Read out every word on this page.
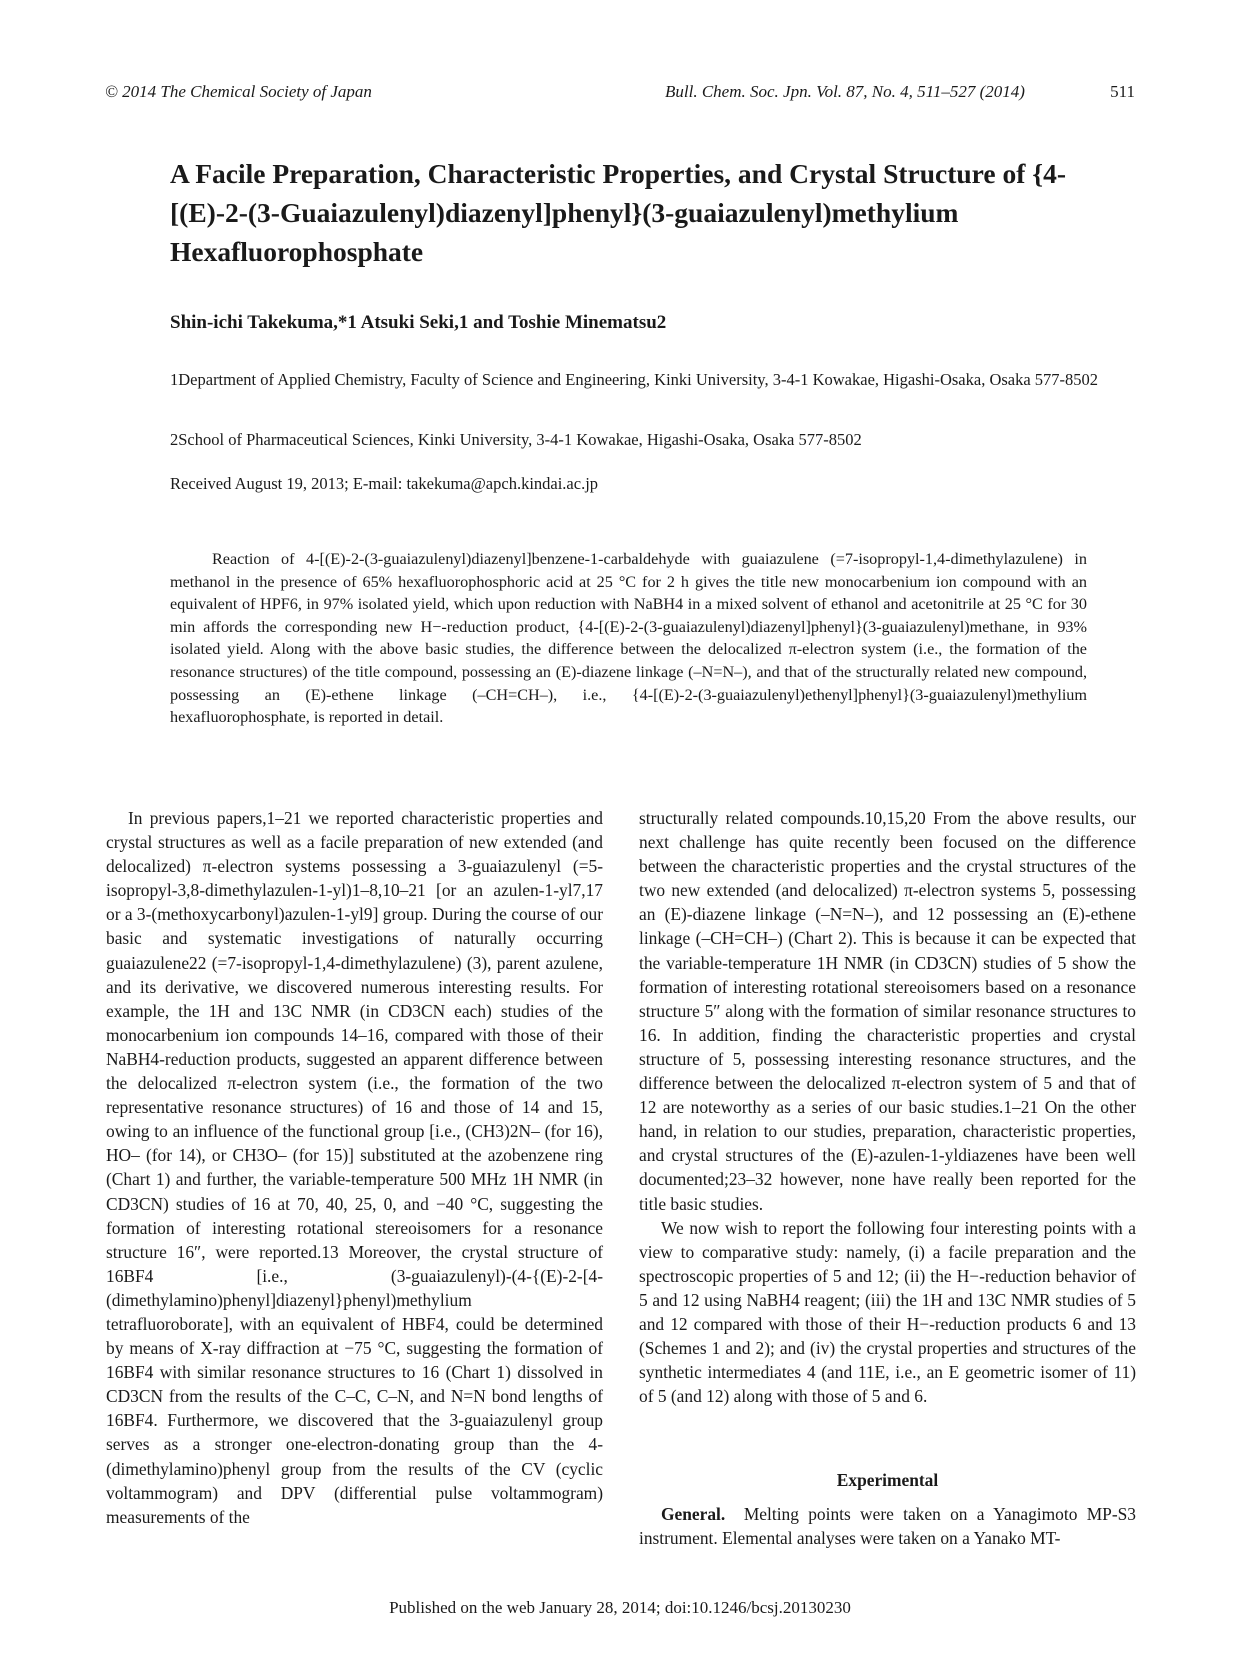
© 2014 The Chemical Society of Japan	Bull. Chem. Soc. Jpn. Vol. 87, No. 4, 511–527 (2014)	511
A Facile Preparation, Characteristic Properties, and Crystal Structure of {4-[(E)-2-(3-Guaiazulenyl)diazenyl]phenyl}(3-guaiazulenyl)methylium Hexafluorophosphate
Shin-ichi Takekuma,*1 Atsuki Seki,1 and Toshie Minematsu2
1Department of Applied Chemistry, Faculty of Science and Engineering, Kinki University, 3-4-1 Kowakae, Higashi-Osaka, Osaka 577-8502
2School of Pharmaceutical Sciences, Kinki University, 3-4-1 Kowakae, Higashi-Osaka, Osaka 577-8502
Received August 19, 2013; E-mail: takekuma@apch.kindai.ac.jp

Reaction of 4-[(E)-2-(3-guaiazulenyl)diazenyl]benzene-1-carbaldehyde with guaiazulene (=7-isopropyl-1,4-dimethylazulene) in methanol in the presence of 65% hexafluorophosphoric acid at 25 °C for 2 h gives the title new monocarbenium ion compound with an equivalent of HPF6, in 97% isolated yield, which upon reduction with NaBH4 in a mixed solvent of ethanol and acetonitrile at 25 °C for 30 min affords the corresponding new H−-reduction product, {4-[(E)-2-(3-guaiazulenyl)diazenyl]phenyl}(3-guaiazulenyl)methane, in 93% isolated yield. Along with the above basic studies, the difference between the delocalized π-electron system (i.e., the formation of the resonance structures) of the title compound, possessing an (E)-diazene linkage (–N=N–), and that of the structurally related new compound, possessing an (E)-ethene linkage (–CH=CH–), i.e., {4-[(E)-2-(3-guaiazulenyl)ethenyl]phenyl}(3-guaiazulenyl)methylium hexafluorophosphate, is reported in detail.

In previous papers,1–21 we reported characteristic properties and crystal structures as well as a facile preparation of new extended (and delocalized) π-electron systems possessing a 3-guaiazulenyl (=5-isopropyl-3,8-dimethylazulen-1-yl)1–8,10–21 [or an azulen-1-yl7,17 or a 3-(methoxycarbonyl)azulen-1-yl9] group. During the course of our basic and systematic investigations of naturally occurring guaiazulene22 (=7-isopropyl-1,4-dimethylazulene) (3), parent azulene, and its derivative, we discovered numerous interesting results. For example, the 1H and 13C NMR (in CD3CN each) studies of the monocarbenium ion compounds 14–16, compared with those of their NaBH4-reduction products, suggested an apparent difference between the delocalized π-electron system (i.e., the formation of the two representative resonance structures) of 16 and those of 14 and 15, owing to an influence of the functional group [i.e., (CH3)2N– (for 16), HO– (for 14), or CH3O– (for 15)] substituted at the azobenzene ring (Chart 1) and further, the variable-temperature 500 MHz 1H NMR (in CD3CN) studies of 16 at 70, 40, 25, 0, and −40 °C, suggesting the formation of interesting rotational stereoisomers for a resonance structure 16″, were reported.13 Moreover, the crystal structure of 16BF4 [i.e., (3-guaiazulenyl)-(4-{(E)-2-[4-(dimethylamino)phenyl]diazenyl}phenyl)methylium tetrafluoroborate], with an equivalent of HBF4, could be determined by means of X-ray diffraction at −75 °C, suggesting the formation of 16BF4 with similar resonance structures to 16 (Chart 1) dissolved in CD3CN from the results of the C–C, C–N, and N=N bond lengths of 16BF4. Furthermore, we discovered that the 3-guaiazulenyl group serves as a stronger one-electron-donating group than the 4-(dimethylamino)phenyl group from the results of the CV (cyclic voltammogram) and DPV (differential pulse voltammogram) measurements of the

structurally related compounds.10,15,20 From the above results, our next challenge has quite recently been focused on the difference between the characteristic properties and the crystal structures of the two new extended (and delocalized) π-electron systems 5, possessing an (E)-diazene linkage (–N=N–), and 12 possessing an (E)-ethene linkage (–CH=CH–) (Chart 2). This is because it can be expected that the variable-temperature 1H NMR (in CD3CN) studies of 5 show the formation of interesting rotational stereoisomers based on a resonance structure 5″ along with the formation of similar resonance structures to 16. In addition, finding the characteristic properties and crystal structure of 5, possessing interesting resonance structures, and the difference between the delocalized π-electron system of 5 and that of 12 are noteworthy as a series of our basic studies.1–21 On the other hand, in relation to our studies, preparation, characteristic properties, and crystal structures of the (E)-azulen-1-yldiazenes have been well documented;23–32 however, none have really been reported for the title basic studies.

We now wish to report the following four interesting points with a view to comparative study: namely, (i) a facile preparation and the spectroscopic properties of 5 and 12; (ii) the H−-reduction behavior of 5 and 12 using NaBH4 reagent; (iii) the 1H and 13C NMR studies of 5 and 12 compared with those of their H−-reduction products 6 and 13 (Schemes 1 and 2); and (iv) the crystal properties and structures of the synthetic intermediates 4 (and 11E, i.e., an E geometric isomer of 11) of 5 (and 12) along with those of 5 and 6.

Experimental

General. Melting points were taken on a Yanagimoto MP-S3 instrument. Elemental analyses were taken on a Yanako MT-

Published on the web January 28, 2014; doi:10.1246/bcsj.20130230
